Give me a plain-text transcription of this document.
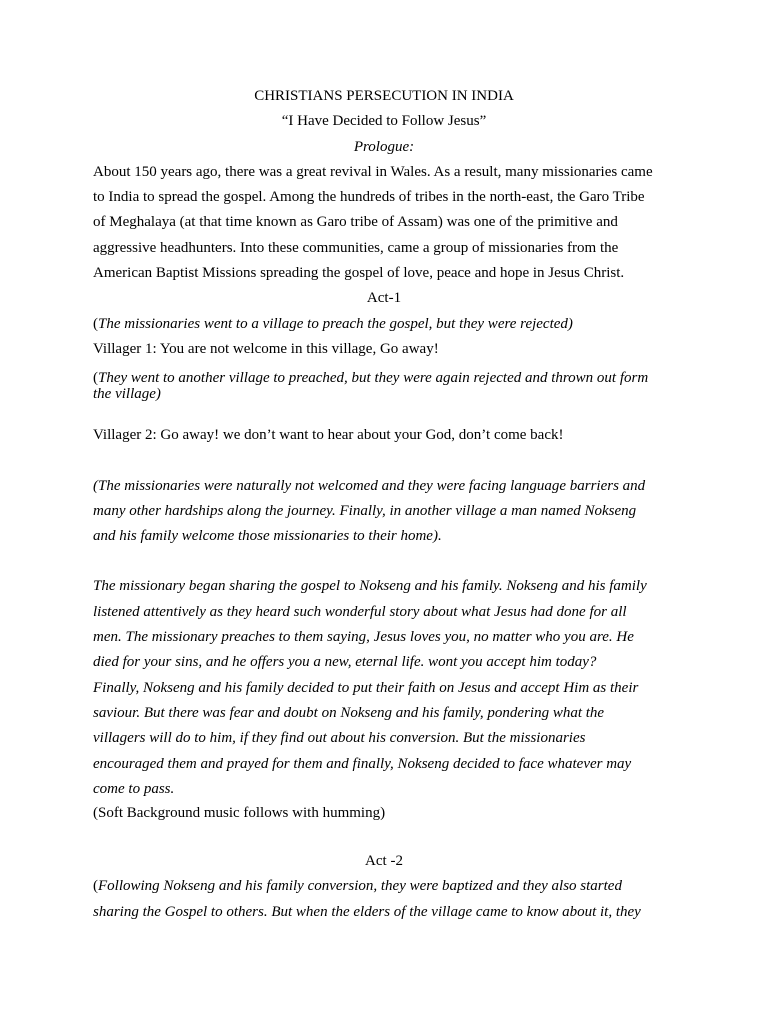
CHRISTIANS PERSECUTION IN INDIA

“I Have Decided to Follow Jesus”

Prologue:

About 150 years ago, there was a great revival in Wales. As a result, many missionaries came

to India to spread the gospel. Among the hundreds of tribes in the north-east, the Garo Tribe

of Meghalaya (at that time known as Garo tribe of Assam) was one of the primitive and

aggressive headhunters. Into these communities, came a group of missionaries from the

American Baptist Missions spreading the gospel of love, peace and hope in Jesus Christ.

Act-1

(The missionaries went to a village to preach the gospel, but they were rejected)

Villager 1: You are not welcome in this village, Go away!

(They went to another village to preached, but they were again rejected and thrown out form

the village)

Villager 2: Go away! we don’t want to hear about your God, don’t come back!

(The missionaries were naturally not welcomed and they were facing language barriers and

many other hardships along the journey. Finally, in another village a man named Nokseng

and his family welcome those missionaries to their home).

The missionary began sharing the gospel to Nokseng and his family. Nokseng and his family

listened attentively as they heard such wonderful story about what Jesus had done for all

men. The missionary preaches to them saying, Jesus loves you, no matter who you are. He

died for your sins, and he offers you a new, eternal life. wont you accept him today?

Finally, Nokseng and his family decided to put their faith on Jesus and accept Him as their

saviour. But there was fear and doubt on Nokseng and his family, pondering what the

villagers will do to him, if they find out about his conversion. But the missionaries

encouraged them and prayed for them and finally, Nokseng decided to face whatever may

come to pass.

(Soft Background music follows with humming)

Act -2

(Following Nokseng and his family conversion, they were baptized and they also started

sharing the Gospel to others. But when the elders of the village came to know about it, they
